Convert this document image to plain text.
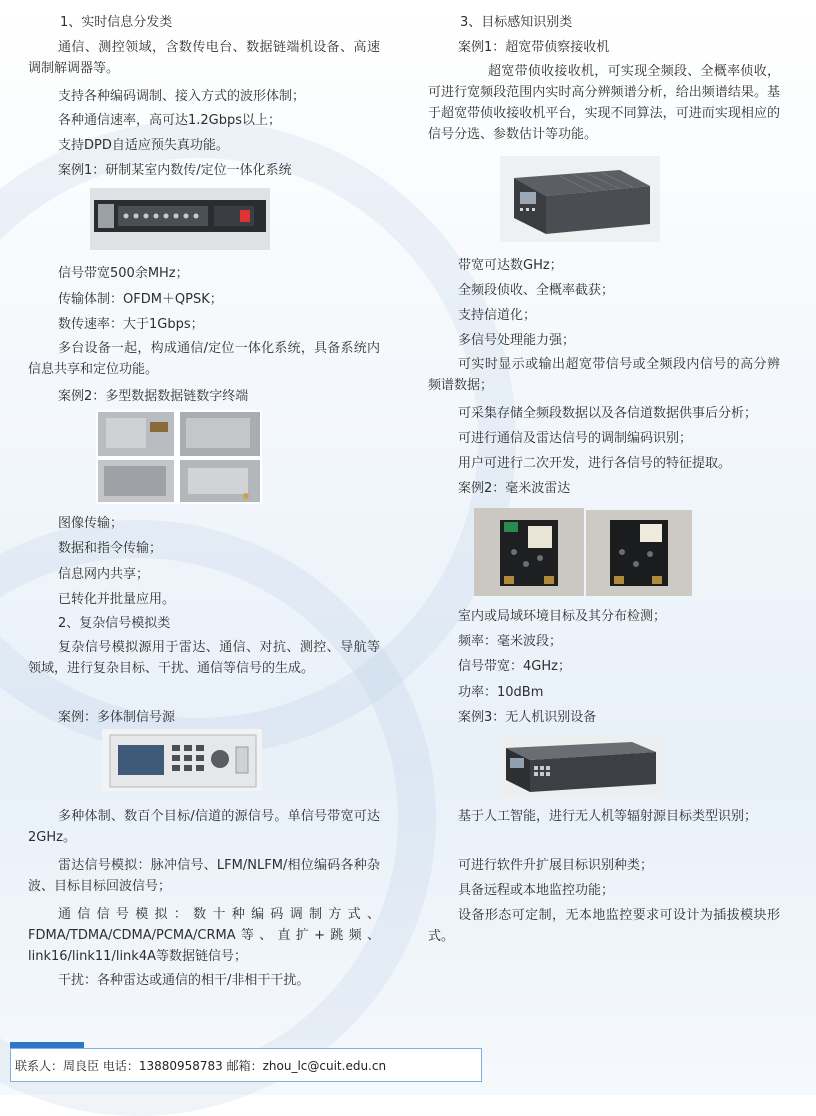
1、实时信息分发类
通信、测控领域，含数传电台、数据链端机设备、高速调制解调器等。
支持各种编码调制、接入方式的波形体制；
各种通信速率，高可达1.2Gbps以上；
支持DPD自适应预失真功能。
案例1：研制某室内数传/定位一体化系统
信号带宽500余MHz；
传输体制：OFDM＋QPSK；
数传速率：大于1Gbps；
多台设备一起，构成通信/定位一体化系统，具备系统内信息共享和定位功能。
案例2：多型数据数据链数字终端
图像传输；
数据和指令传输；
信息网内共享；
已转化并批量应用。
2、复杂信号模拟类
复杂信号模拟源用于雷达、通信、对抗、测控、导航等领域，进行复杂目标、干扰、通信等信号的生成。
案例：多体制信号源
多种体制、数百个目标/信道的源信号。单信号带宽可达2GHz。
雷达信号模拟：脉冲信号、LFM/NLFM/相位编码各种杂波、目标目标回波信号；
通信信号模拟：数十种编码调制方式、FDMA/TDMA/CDMA/PCMA/CRMA等、直扩+跳频、link16/link11/link4A等数据链信号；
干扰：各种雷达或通信的相干/非相干干扰。
3、目标感知识别类
案例1：超宽带侦察接收机
超宽带侦收接收机，可实现全频段、全概率侦收，可进行宽频段范围内实时高分辨频谱分析，给出频谱结果。基于超宽带侦收接收机平台，实现不同算法，可进而实现相应的信号分选、参数估计等功能。
带宽可达数GHz；
全频段侦收、全概率截获；
支持信道化；
多信号处理能力强；
可实时显示或输出超宽带信号或全频段内信号的高分辨频谱数据；
可采集存储全频段数据以及各信道数据供事后分析；
可进行通信及雷达信号的调制编码识别；
用户可进行二次开发，进行各信号的特征提取。
案例2：毫米波雷达
室内或局域环境目标及其分布检测；
频率：毫米波段；
信号带宽：4GHz；
功率：10dBm
案例3：无人机识别设备
基于人工智能，进行无人机等辐射源目标类型识别；
可进行软件升扩展目标识别种类；
具备远程或本地监控功能；
设备形态可定制，无本地监控要求可设计为插拔模块形式。
联系人：周良臣 电话：13880958783 邮箱：zhou_lc@cuit.edu.cn
